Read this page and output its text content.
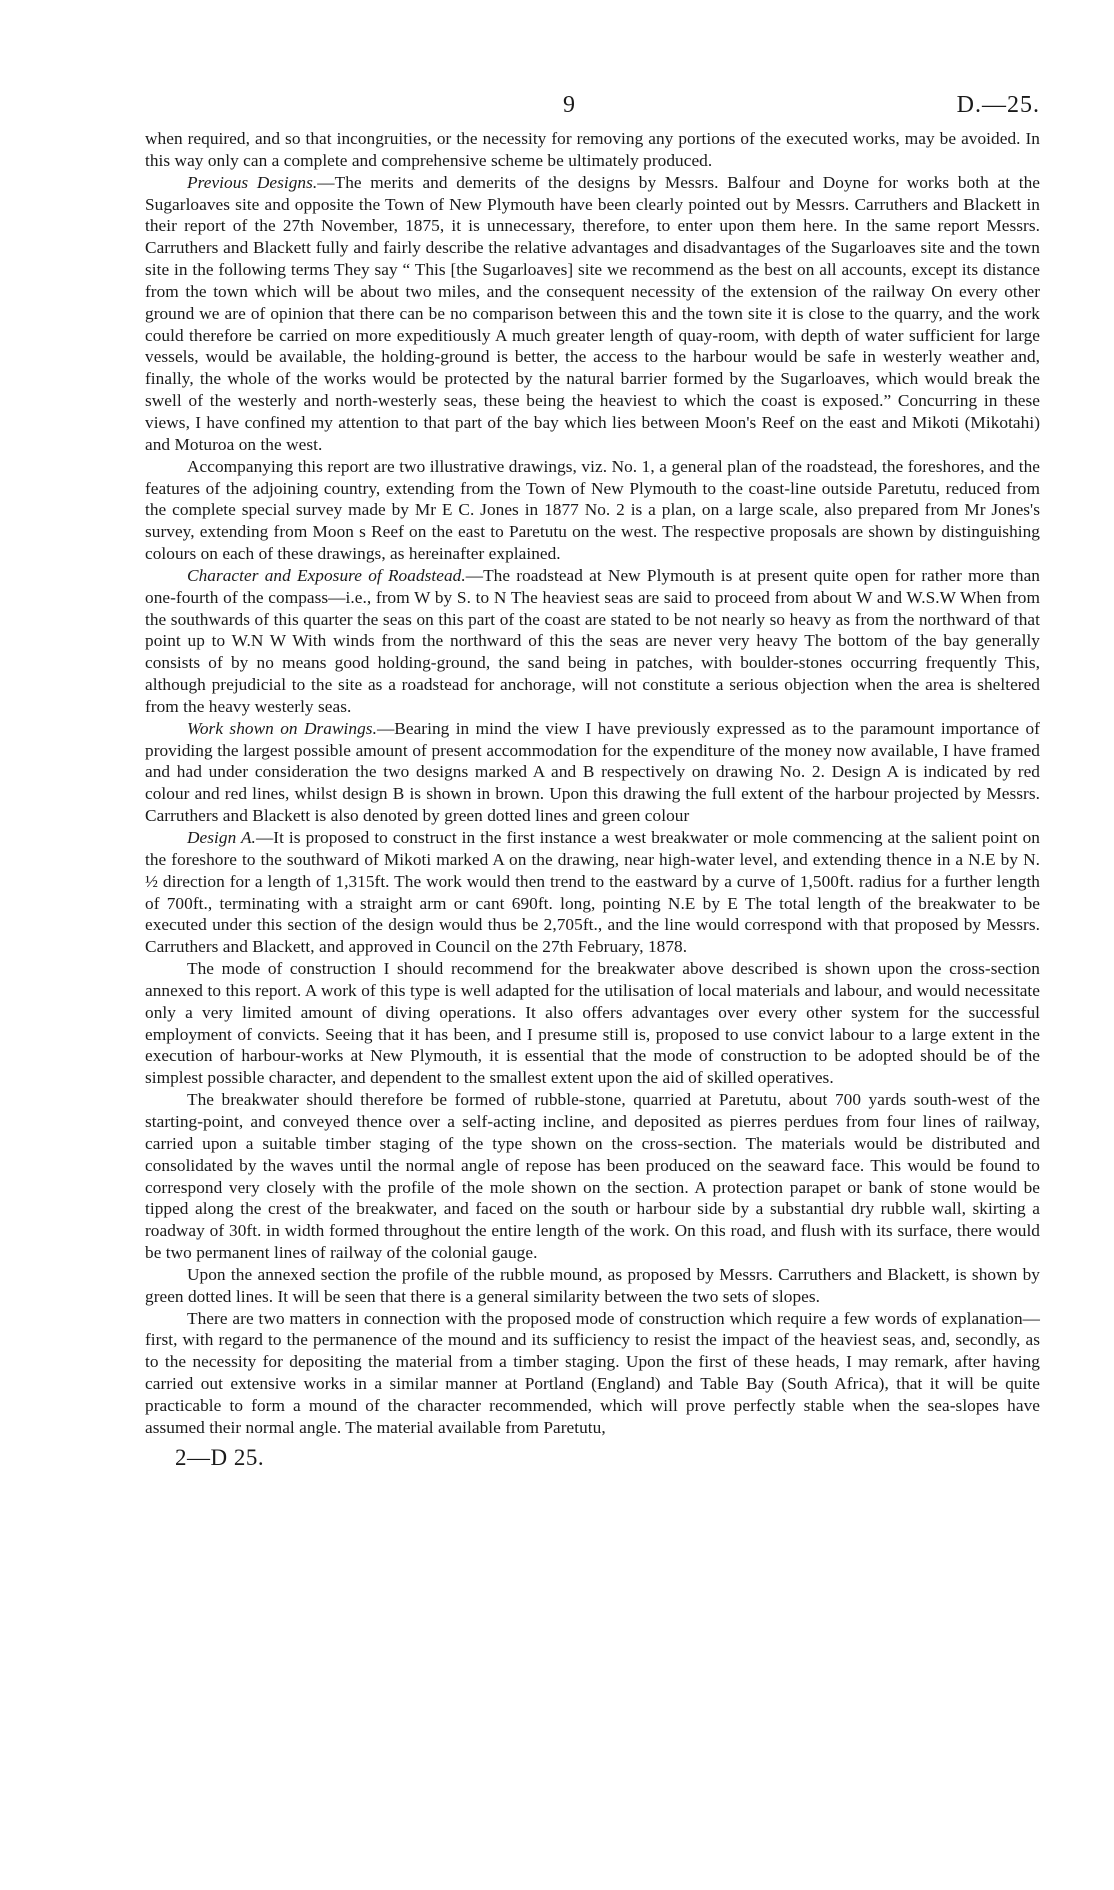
9	D.—25.

when required, and so that incongruities, or the necessity for removing any portions of the executed works, may be avoided. In this way only can a complete and comprehensive scheme be ultimately produced.

Previous Designs.—The merits and demerits of the designs by Messrs. Balfour and Doyne for works both at the Sugarloaves site and opposite the Town of New Plymouth have been clearly pointed out by Messrs. Carruthers and Blackett in their report of the 27th November, 1875, it is unnecessary, therefore, to enter upon them here. In the same report Messrs. Carruthers and Blackett fully and fairly describe the relative advantages and disadvantages of the Sugarloaves site and the town site in the following terms They say “ This [the Sugarloaves] site we recommend as the best on all accounts, except its distance from the town which will be about two miles, and the consequent necessity of the extension of the railway On every other ground we are of opinion that there can be no comparison between this and the town site it is close to the quarry, and the work could therefore be carried on more expeditiously A much greater length of quay-room, with depth of water sufficient for large vessels, would be available, the holding-ground is better, the access to the harbour would be safe in westerly weather and, finally, the whole of the works would be protected by the natural barrier formed by the Sugarloaves, which would break the swell of the westerly and north-westerly seas, these being the heaviest to which the coast is exposed.” Concurring in these views, I have confined my attention to that part of the bay which lies between Moon's Reef on the east and Mikoti (Mikotahi) and Moturoa on the west.

Accompanying this report are two illustrative drawings, viz. No. 1, a general plan of the roadstead, the foreshores, and the features of the adjoining country, extending from the Town of New Plymouth to the coast-line outside Paretutu, reduced from the complete special survey made by Mr E C. Jones in 1877 No. 2 is a plan, on a large scale, also prepared from Mr Jones's survey, extending from Moon s Reef on the east to Paretutu on the west. The respective proposals are shown by distinguishing colours on each of these drawings, as hereinafter explained.

Character and Exposure of Roadstead.—The roadstead at New Plymouth is at present quite open for rather more than one-fourth of the compass—i.e., from W by S. to N The heaviest seas are said to proceed from about W and W.S.W When from the southwards of this quarter the seas on this part of the coast are stated to be not nearly so heavy as from the northward of that point up to W.N W With winds from the northward of this the seas are never very heavy The bottom of the bay generally consists of by no means good holding-ground, the sand being in patches, with boulder-stones occurring frequently This, although prejudicial to the site as a roadstead for anchorage, will not constitute a serious objection when the area is sheltered from the heavy westerly seas.

Work shown on Drawings.—Bearing in mind the view I have previously expressed as to the paramount importance of providing the largest possible amount of present accommodation for the expenditure of the money now available, I have framed and had under consideration the two designs marked A and B respectively on drawing No. 2. Design A is indicated by red colour and red lines, whilst design B is shown in brown. Upon this drawing the full extent of the harbour projected by Messrs. Carruthers and Blackett is also denoted by green dotted lines and green colour

Design A.—It is proposed to construct in the first instance a west breakwater or mole commencing at the salient point on the foreshore to the southward of Mikoti marked A on the drawing, near high-water level, and extending thence in a N.E by N. ½ direction for a length of 1,315ft. The work would then trend to the eastward by a curve of 1,500ft. radius for a further length of 700ft., terminating with a straight arm or cant 690ft. long, pointing N.E by E The total length of the breakwater to be executed under this section of the design would thus be 2,705ft., and the line would correspond with that proposed by Messrs. Carruthers and Blackett, and approved in Council on the 27th February, 1878.

The mode of construction I should recommend for the breakwater above described is shown upon the cross-section annexed to this report. A work of this type is well adapted for the utilisation of local materials and labour, and would necessitate only a very limited amount of diving operations. It also offers advantages over every other system for the successful employment of convicts. Seeing that it has been, and I presume still is, proposed to use convict labour to a large extent in the execution of harbour-works at New Plymouth, it is essential that the mode of construction to be adopted should be of the simplest possible character, and dependent to the smallest extent upon the aid of skilled operatives.

The breakwater should therefore be formed of rubble-stone, quarried at Paretutu, about 700 yards south-west of the starting-point, and conveyed thence over a self-acting incline, and deposited as pierres perdues from four lines of railway, carried upon a suitable timber staging of the type shown on the cross-section. The materials would be distributed and consolidated by the waves until the normal angle of repose has been produced on the seaward face. This would be found to correspond very closely with the profile of the mole shown on the section. A protection parapet or bank of stone would be tipped along the crest of the breakwater, and faced on the south or harbour side by a substantial dry rubble wall, skirting a roadway of 30ft. in width formed throughout the entire length of the work. On this road, and flush with its surface, there would be two permanent lines of railway of the colonial gauge.

Upon the annexed section the profile of the rubble mound, as proposed by Messrs. Carruthers and Blackett, is shown by green dotted lines. It will be seen that there is a general similarity between the two sets of slopes.

There are two matters in connection with the proposed mode of construction which require a few words of explanation—first, with regard to the permanence of the mound and its sufficiency to resist the impact of the heaviest seas, and, secondly, as to the necessity for depositing the material from a timber staging. Upon the first of these heads, I may remark, after having carried out extensive works in a similar manner at Portland (England) and Table Bay (South Africa), that it will be quite practicable to form a mound of the character recommended, which will prove perfectly stable when the sea-slopes have assumed their normal angle. The material available from Paretutu,

2—D 25.
